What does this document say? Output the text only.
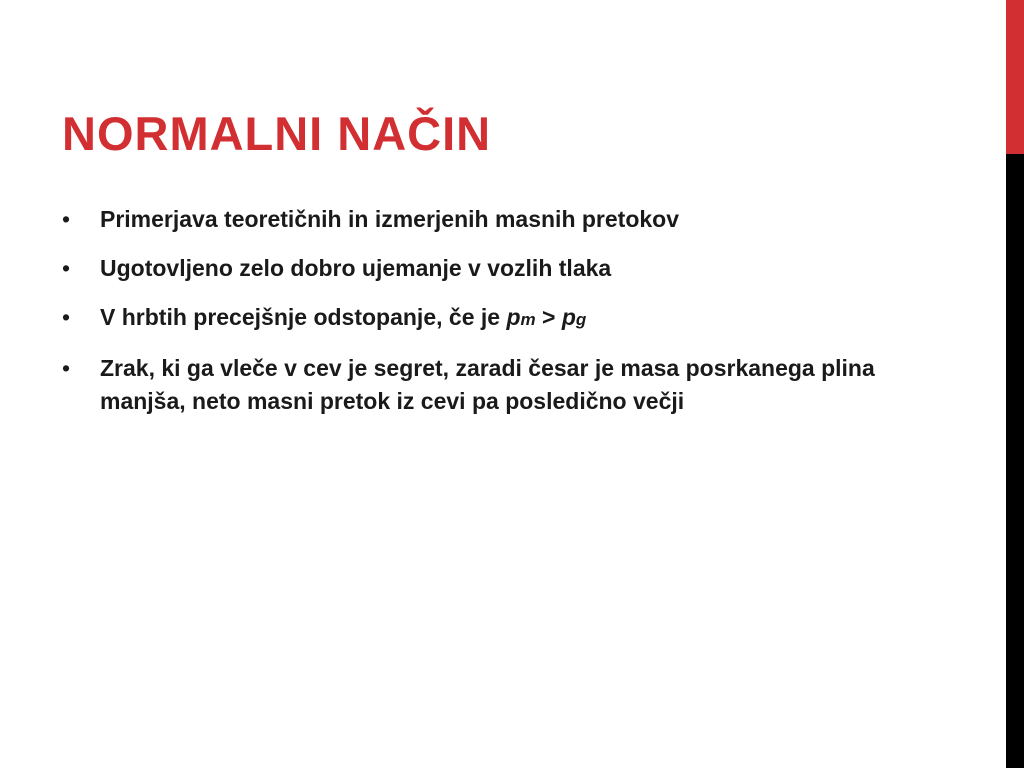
NORMALNI NAČIN
•	Primerjava teoretičnih in izmerjenih masnih pretokov
•	Ugotovljeno zelo dobro ujemanje v vozlih tlaka
•	V hrbtih precejšnje odstopanje, če je pm > pg
•	Zrak, ki ga vleče v cev je segret, zaradi česar je masa posrkanega plina manjša, neto masni pretok iz cevi pa posledično večji
